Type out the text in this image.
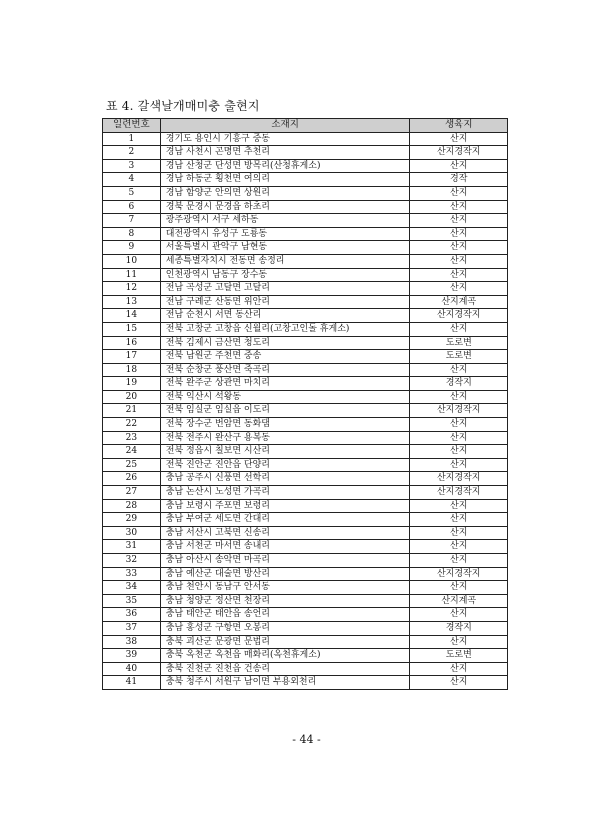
표 4. 갈색날개매미충 출현지
일련번호	소재지	생육지
1	경기도 용인시 기흥구 중동	산지
2	경남 사천시 곤명면 추천리	산지경작지
3	경남 산청군 단성면 방목리(산청휴게소)	산지
4	경남 하동군 횡천면 여의리	경작
5	경남 함양군 안의면 상원리	산지
6	경북 문경시 문경읍 하초리	산지
7	광주광역시 서구 세하동	산지
8	대전광역시 유성구 도룡동	산지
9	서울특별시 관악구 남현동	산지
10	세종특별자치시 전동면 송정리	산지
11	인천광역시 남동구 장수동	산지
12	전남 곡성군 고달면 고달리	산지
13	전남 구례군 산동면 위안리	산지계곡
14	전남 순천시 서면 동산리	산지경작지
15	전북 고창군 고창읍 신월리(고창고인돌 휴게소)	산지
16	전북 김제시 금산면 청도리	도로변
17	전북 남원군 주천면 중송	도로변
18	전북 순창군 풍산면 죽곡리	산지
19	전북 완주군 상관면 마치리	경작지
20	전북 익산시 석왕동	산지
21	전북 임실군 임실읍 이도리	산지경작지
22	전북 장수군 번암면 동화댐	산지
23	전북 전주시 완산구 용복동	산지
24	전북 정읍시 칠보면 시산리	산지
25	전북 진안군 진안읍 단양리	산지
26	충남 공주시 신풍면 선학리	산지경작지
27	충남 논산시 노성면 가곡리	산지경작지
28	충남 보령시 주포면 보령리	산지
29	충남 부여군 세도면 간대리	산지
30	충남 서산시 고북면 신송리	산지
31	충남 서천군 마서면 송내리	산지
32	충남 아산시 송악면 마곡리	산지
33	충남 예산군 대술면 방산리	산지경작지
34	충남 천안시 동남구 안서동	산지
35	충남 청양군 정산면 천장리	산지계곡
36	충남 태안군 태안읍 송언리	산지
37	충남 홍성군 구항면 오봉리	경작지
38	충북 괴산군 문광면 문법리	산지
39	충북 옥천군 옥천읍 매화리(옥천휴게소)	도로변
40	충북 진천군 진천읍 건송리	산지
41	충북 청주시 서원구 남이면 부용외천리	산지
- 44 -
